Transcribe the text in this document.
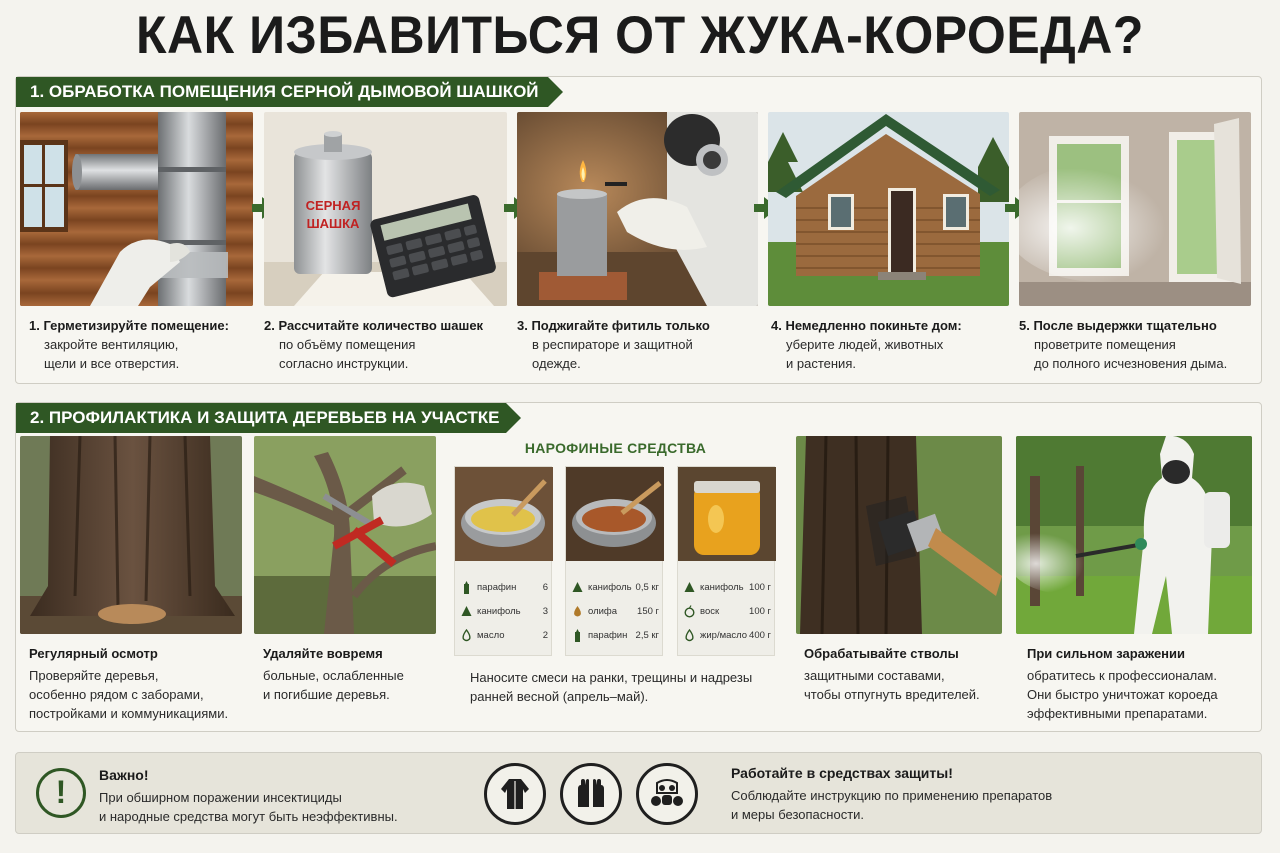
КАК ИЗБАВИТЬСЯ ОТ ЖУКА-КОРОЕДА?
1. ОБРАБОТКА ПОМЕЩЕНИЯ СЕРНОЙ ДЫМОВОЙ ШАШКОЙ
СЕРНАЯ
ШАШКА
1. Герметизируйте помещение:
закройте вентиляцию,
щели и все отверстия.
2. Рассчитайте количество шашек
по объёму помещения
согласно инструкции.
3. Поджигайте фитиль только
в респираторе и защитной
одежде.
4. Немедленно покиньте дом:
уберите людей, животных
и растения.
5. После выдержки тщательно
проветрите помещения
до полного исчезновения дыма.
2. ПРОФИЛАКТИКА И ЗАЩИТА ДЕРЕВЬЕВ НА УЧАСТКЕ
НАРОФИНЫЕ СРЕДСТВА
парафин	6
канифоль 3
масло	2
канифоль 0,5 кг
олифа 150 г
парафин 2,5 кг
канифоль 100 г
воск	100 г
жир/масло 400 г
Наносите смеси на ранки, трещины и надрезы
ранней весной (апрель–май).
Регулярный осмотр
Проверяйте деревья,
особенно рядом с заборами,
постройками и коммуникациями.
Удаляйте вовремя
больные, ослабленные
и погибшие деревья.
Обрабатывайте стволы
защитными составами,
чтобы отпугнуть вредителей.
При сильном заражении
обратитесь к профессионалам.
Они быстро уничтожат короеда
эффективными препаратами.
!	Важно!
При обширном поражении инсектициды
и народные средства могут быть неэффективны.
Работайте в средствах защиты!
Соблюдайте инструкцию по применению препаратов
и меры безопасности.
